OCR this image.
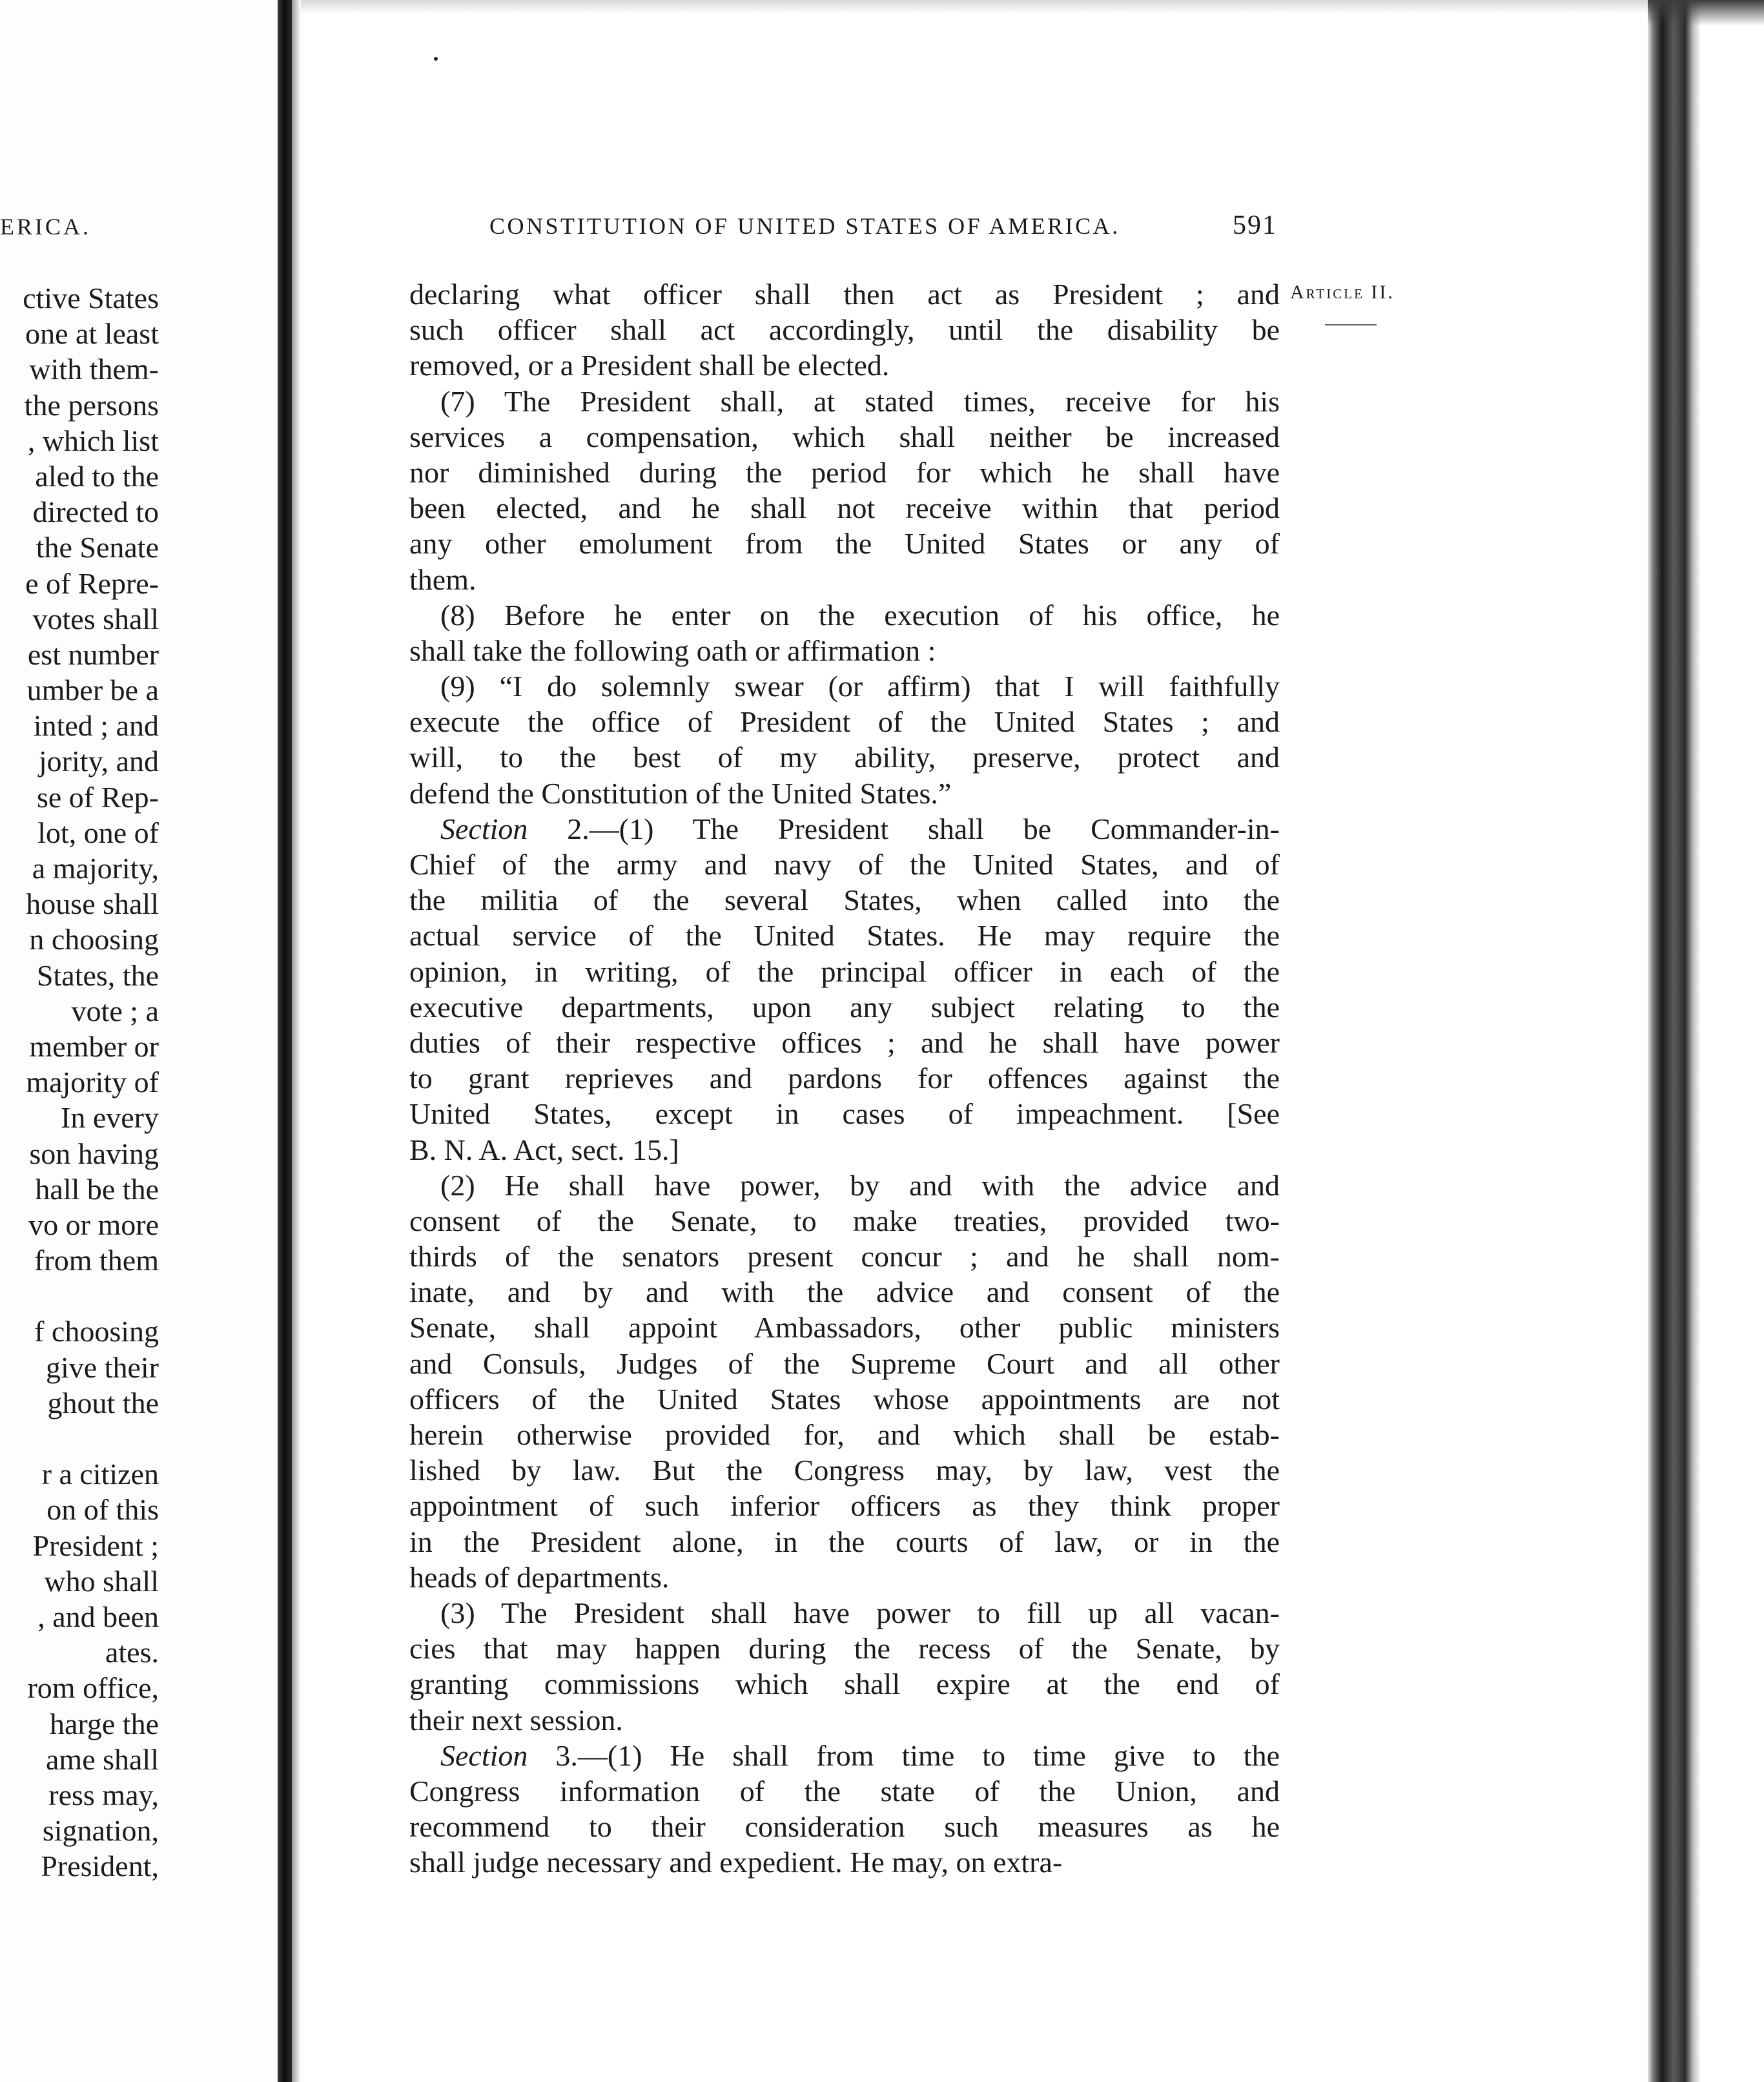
ERICA.
ctive States
one at least
with them-
the persons
, which list
aled to the
directed to
the Senate
e of Repre-
votes shall
est number
umber be a
inted ; and
jority, and
se of Rep-
lot, one of
a majority,
house shall
n choosing
States, the
vote ; a
member or
majority of
In every
son having
hall be the
vo or more
from them
f choosing
give their
ghout the
r a citizen
on of this
President ;
who shall
, and been
ates.
rom office,
harge the
ame shall
ress may,
signation,
President,
CONSTITUTION OF UNITED STATES OF AMERICA.	591
Article II.
declaring what officer shall then act as President ; and
such officer shall act accordingly, until the disability be
removed, or a President shall be elected.
(7) The President shall, at stated times, receive for his
services a compensation, which shall neither be increased
nor diminished during the period for which he shall have
been elected, and he shall not receive within that period
any other emolument from the United States or any of
them.
(8) Before he enter on the execution of his office, he
shall take the following oath or affirmation :
(9) “I do solemnly swear (or affirm) that I will faithfully
execute the office of President of the United States ; and
will, to the best of my ability, preserve, protect and
defend the Constitution of the United States.”
Section 2.—(1) The President shall be Commander-in-
Chief of the army and navy of the United States, and of
the militia of the several States, when called into the
actual service of the United States. He may require the
opinion, in writing, of the principal officer in each of the
executive departments, upon any subject relating to the
duties of their respective offices ; and he shall have power
to grant reprieves and pardons for offences against the
United States, except in cases of impeachment. [See
B. N. A. Act, sect. 15.]
(2) He shall have power, by and with the advice and
consent of the Senate, to make treaties, provided two-
thirds of the senators present concur ; and he shall nom-
inate, and by and with the advice and consent of the
Senate, shall appoint Ambassadors, other public ministers
and Consuls, Judges of the Supreme Court and all other
officers of the United States whose appointments are not
herein otherwise provided for, and which shall be estab-
lished by law. But the Congress may, by law, vest the
appointment of such inferior officers as they think proper
in the President alone, in the courts of law, or in the
heads of departments.
(3) The President shall have power to fill up all vacan-
cies that may happen during the recess of the Senate, by
granting commissions which shall expire at the end of
their next session.
Section 3.—(1) He shall from time to time give to the
Congress information of the state of the Union, and
recommend to their consideration such measures as he
shall judge necessary and expedient. He may, on extra-
